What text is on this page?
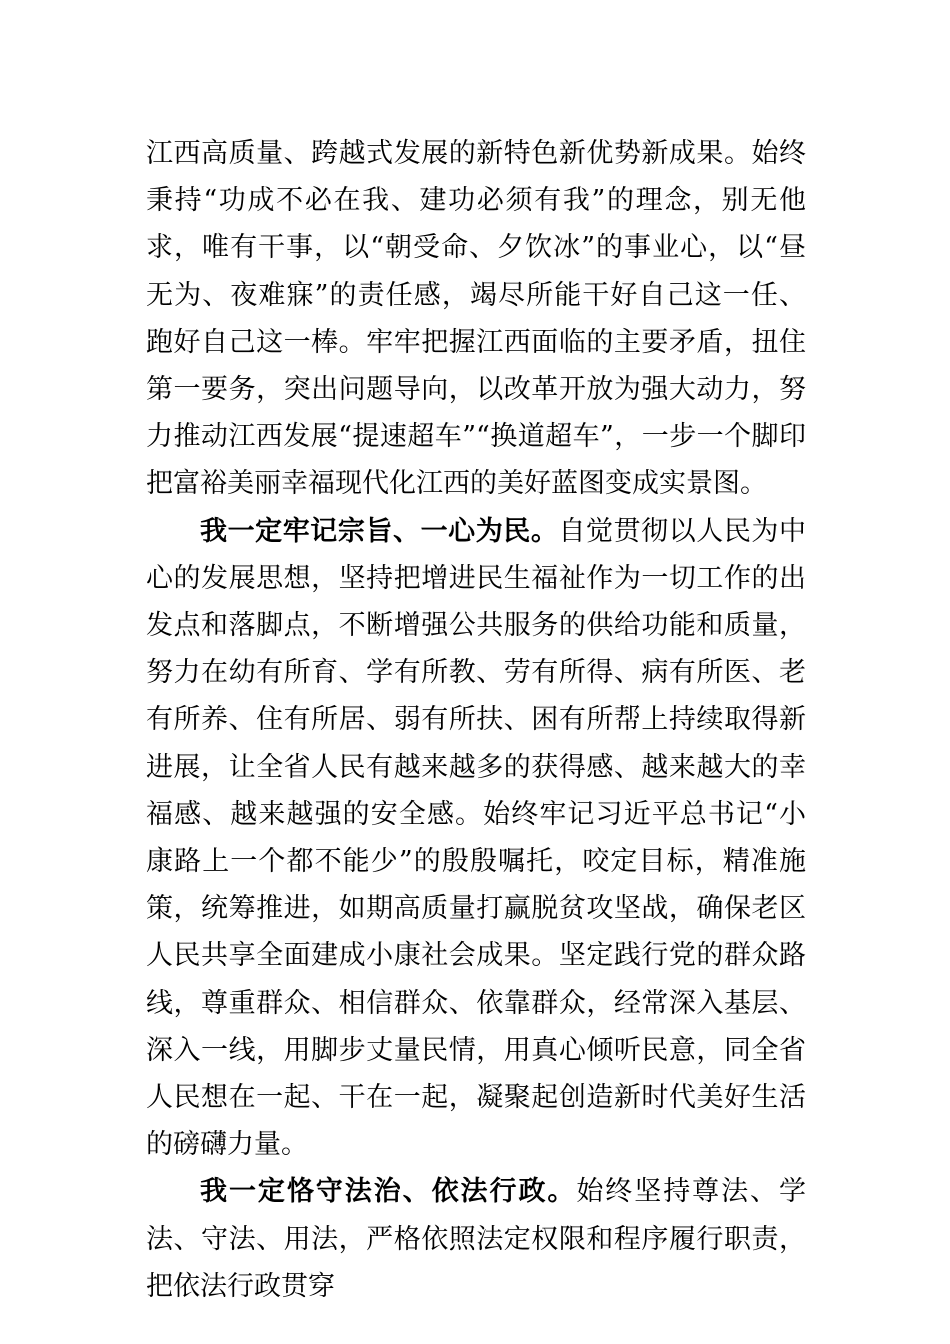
江西高质量、跨越式发展的新特色新优势新成果。始终秉持“功成不必在我、建功必须有我”的理念，别无他求，唯有干事，以“朝受命、夕饮冰”的事业心，以“昼无为、夜难寐”的责任感，竭尽所能干好自己这一任、跑好自己这一棒。牢牢把握江西面临的主要矛盾，扭住第一要务，突出问题导向，以改革开放为强大动力，努力推动江西发展“提速超车”“换道超车”，一步一个脚印把富裕美丽幸福现代化江西的美好蓝图变成实景图。

我一定牢记宗旨、一心为民。自觉贯彻以人民为中心的发展思想，坚持把增进民生福祉作为一切工作的出发点和落脚点，不断增强公共服务的供给功能和质量，努力在幼有所育、学有所教、劳有所得、病有所医、老有所养、住有所居、弱有所扶、困有所帮上持续取得新进展，让全省人民有越来越多的获得感、越来越大的幸福感、越来越强的安全感。始终牢记习近平总书记“小康路上一个都不能少”的殷殷嘱托，咬定目标，精准施策，统筹推进，如期高质量打赢脱贫攻坚战，确保老区人民共享全面建成小康社会成果。坚定践行党的群众路线，尊重群众、相信群众、依靠群众，经常深入基层、深入一线，用脚步丈量民情，用真心倾听民意，同全省人民想在一起、干在一起，凝聚起创造新时代美好生活的磅礴力量。

我一定恪守法治、依法行政。始终坚持尊法、学法、守法、用法，严格依照法定权限和程序履行职责，把依法行政贯穿
